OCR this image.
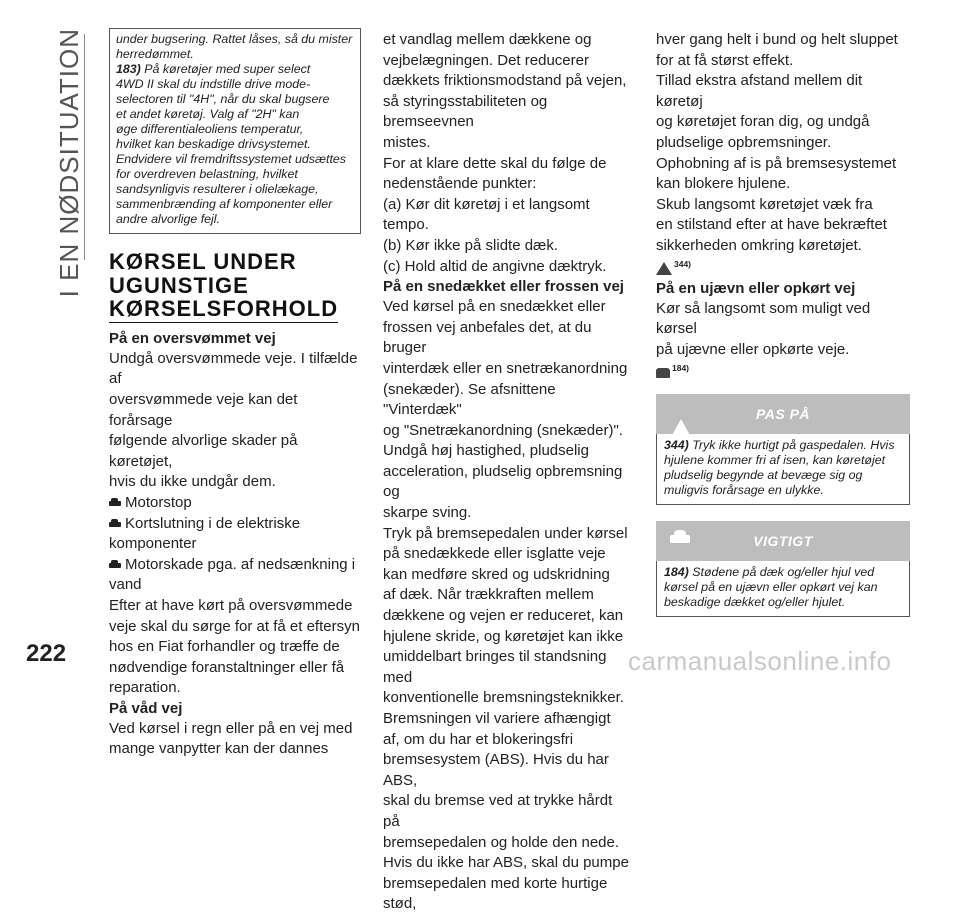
I EN NØDSITUATION
222	carmanualsonline.info
under bugsering. Rattet låses, så du mister
herredømmet.
183) På køretøjer med super select
4WD II skal du indstille drive mode-
selectoren til "4H", når du skal bugsere
et andet køretøj. Valg af "2H" kan
øge differentialeoliens temperatur,
hvilket kan beskadige drivsystemet.
Endvidere vil fremdriftssystemet udsættes
for overdreven belastning, hvilket
sandsynligvis resulterer i olielækage,
sammenbrænding af komponenter eller
andre alvorlige fejl.
KØRSEL UNDER
UGUNSTIGE
KØRSELSFORHOLD
På en oversvømmet vej

Undgå oversvømmede veje. I tilfælde af

oversvømmede veje kan det forårsage

følgende alvorlige skader på køretøjet,

hvis du ikke undgår dem.

Motorstop
Kortslutning i de elektriske

komponenter

Motorskade pga. af nedsænkning i

vand

Efter at have kørt på oversvømmede

veje skal du sørge for at få et eftersyn

hos en Fiat forhandler og træffe de

nødvendige foranstaltninger eller få

reparation.

På våd vej

Ved kørsel i regn eller på en vej med

mange vanpytter kan der dannes

et vandlag mellem dækkene og

vejbelægningen. Det reducerer

dækkets friktionsmodstand på vejen,

så styringsstabiliteten og bremseevnen

mistes.

For at klare dette skal du følge de

nedenstående punkter:

(a) Kør dit køretøj i et langsomt tempo.

(b) Kør ikke på slidte dæk.

(c) Hold altid de angivne dæktryk.

På en snedækket eller frossen vej

Ved kørsel på en snedækket eller

frossen vej anbefales det, at du bruger

vinterdæk eller en snetrækanordning

(snekæder). Se afsnittene "Vinterdæk"

og "Snetrækanordning (snekæder)".

Undgå høj hastighed, pludselig

acceleration, pludselig opbremsning og

skarpe sving.

Tryk på bremsepedalen under kørsel

på snedækkede eller isglatte veje

kan medføre skred og udskridning

af dæk. Når trækkraften mellem

dækkene og vejen er reduceret, kan

hjulene skride, og køretøjet kan ikke

umiddelbart bringes til standsning med

konventionelle bremsningsteknikker.

Bremsningen vil variere afhængigt

af, om du har et blokeringsfri

bremsesystem (ABS). Hvis du har ABS,

skal du bremse ved at trykke hårdt på

bremsepedalen og holde den nede.

Hvis du ikke har ABS, skal du pumpe

bremsepedalen med korte hurtige stød,

hver gang helt i bund og helt sluppet

for at få størst effekt.

Tillad ekstra afstand mellem dit køretøj

og køretøjet foran dig, og undgå

pludselige opbremsninger.

Ophobning af is på bremsesystemet

kan blokere hjulene.

Skub langsomt køretøjet væk fra

en stilstand efter at have bekræftet

sikkerheden omkring køretøjet.

344)
På en ujævn eller opkørt vej

Kør så langsomt som muligt ved kørsel

på ujævne eller opkørte veje.

184)
PAS PÅ
344) Tryk ikke hurtigt på gaspedalen. Hvis
hjulene kommer fri af isen, kan køretøjet
pludselig begynde at bevæge sig og
muligvis forårsage en ulykke.
VIGTIGT
184) Stødene på dæk og/eller hjul ved
kørsel på en ujævn eller opkørt vej kan
beskadige dækket og/eller hjulet.
